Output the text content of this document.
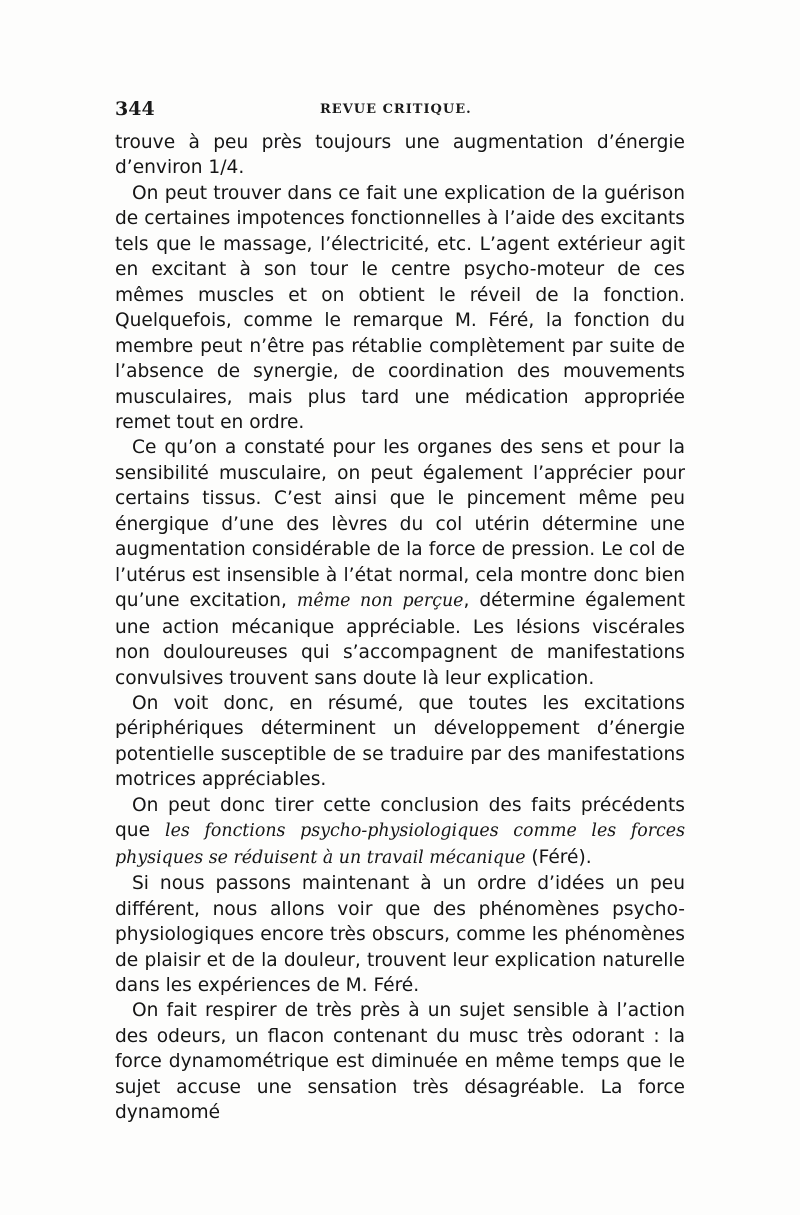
344	REVUE CRITIQUE.

trouve à peu près toujours une augmentation d’énergie d’environ 1/4.

On peut trouver dans ce fait une explication de la guérison de certaines impotences fonctionnelles à l’aide des excitants tels que le massage, l’électricité, etc. L’agent extérieur agit en excitant à son tour le centre psycho-moteur de ces mêmes muscles et on obtient le réveil de la fonction. Quelquefois, comme le remarque M. Féré, la fonction du membre peut n’être pas rétablie complètement par suite de l’absence de synergie, de coordination des mouvements musculaires, mais plus tard une médication appropriée remet tout en ordre.

Ce qu’on a constaté pour les organes des sens et pour la sensibilité musculaire, on peut également l’apprécier pour certains tissus. C’est ainsi que le pincement même peu énergique d’une des lèvres du col utérin détermine une augmentation considérable de la force de pression. Le col de l’utérus est insensible à l’état normal, cela montre donc bien qu’une excitation, même non perçue, détermine également une action mécanique appréciable. Les lésions viscérales non douloureuses qui s’accompagnent de manifestations convulsives trouvent sans doute là leur explication.

On voit donc, en résumé, que toutes les excitations périphériques déterminent un développement d’énergie potentielle susceptible de se traduire par des manifestations motrices appréciables.

On peut donc tirer cette conclusion des faits précédents que les fonctions psycho-physiologiques comme les forces physiques se réduisent à un travail mécanique (Féré).

Si nous passons maintenant à un ordre d’idées un peu différent, nous allons voir que des phénomènes psycho-physiologiques encore très obscurs, comme les phénomènes de plaisir et de la douleur, trouvent leur explication naturelle dans les expériences de M. Féré.

On fait respirer de très près à un sujet sensible à l’action des odeurs, un flacon contenant du musc très odorant : la force dynamométrique est diminuée en même temps que le sujet accuse une sensation très désagréable. La force dynamomé
